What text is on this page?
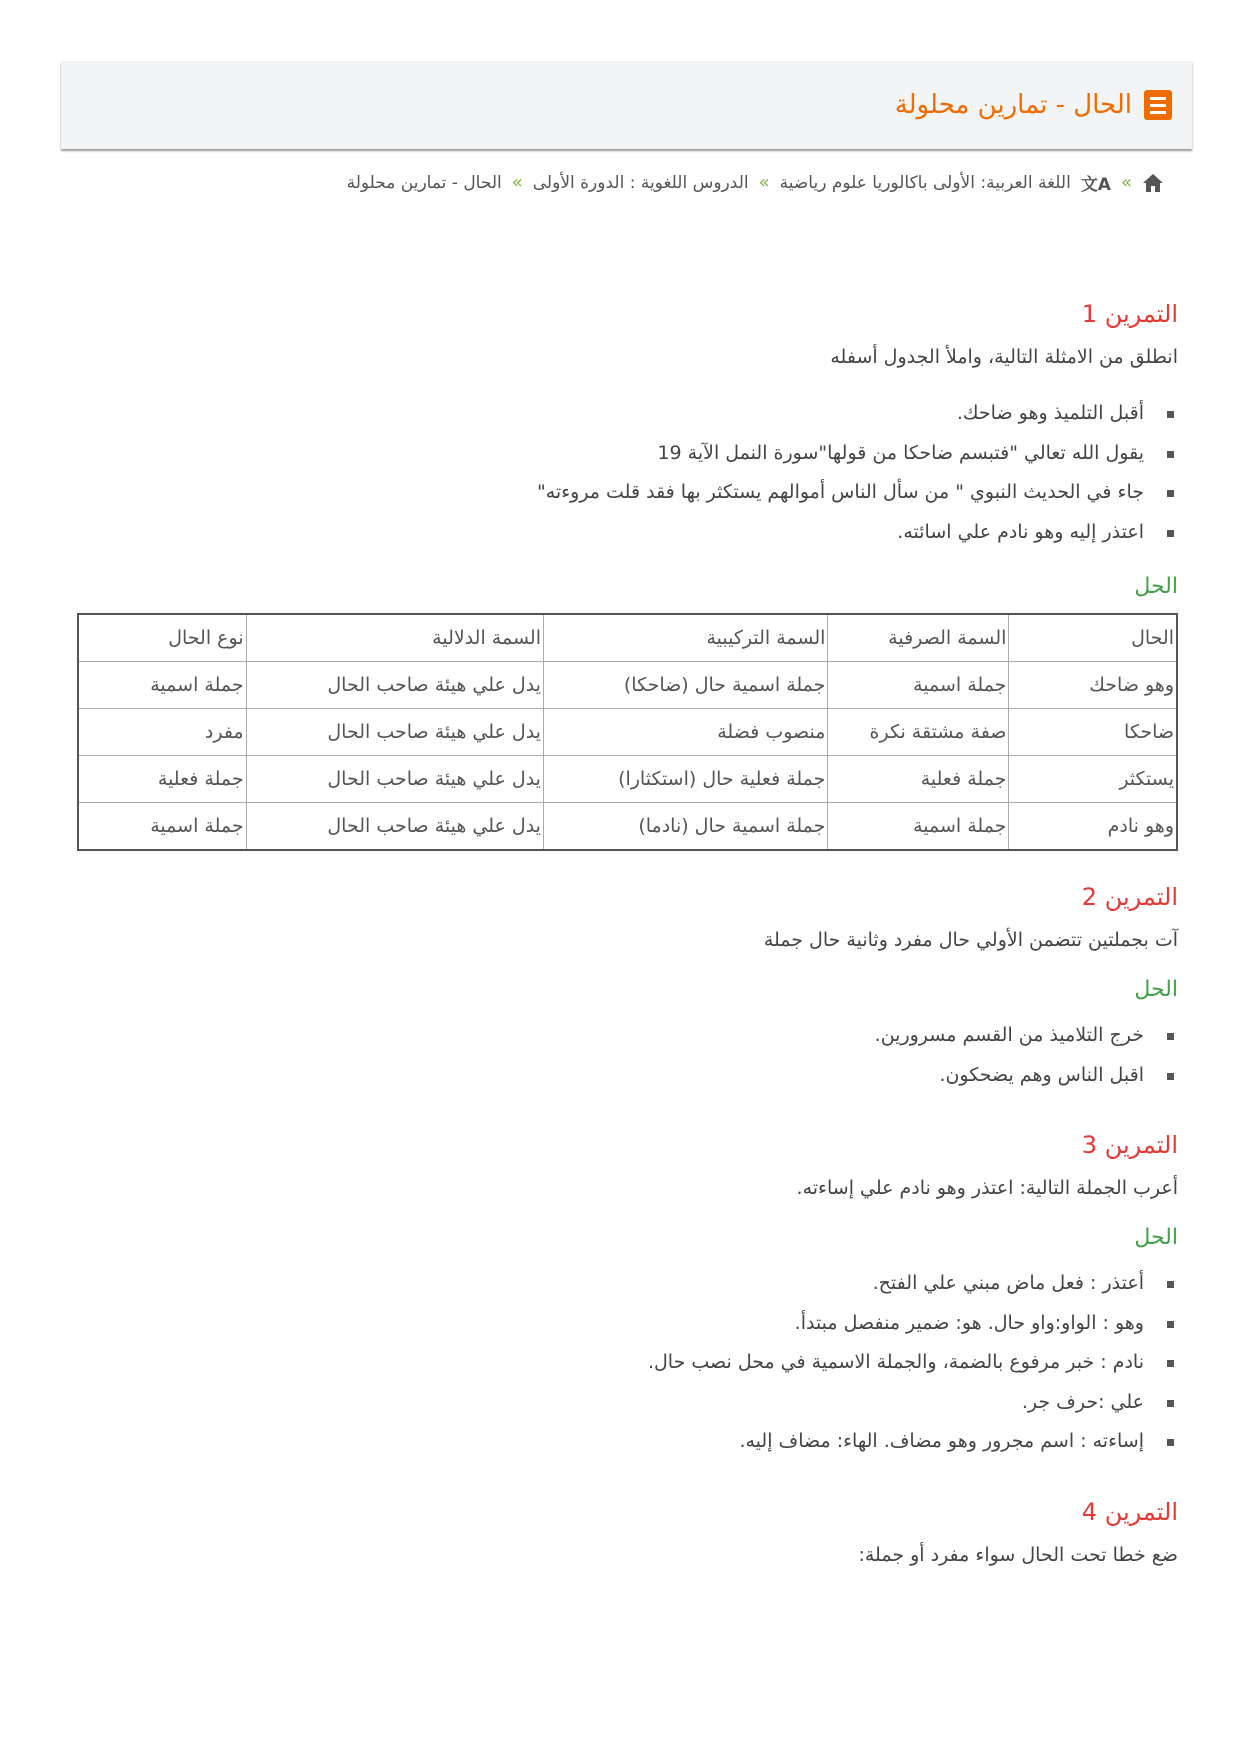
الحال - تمارين محلولة
»
文A
اللغة العربية: الأولى باكالوريا علوم رياضية
»
الدروس اللغوية : الدورة الأولى
»
الحال - تمارين محلولة
التمرين 1

انطلق من الامثلة التالية، واملأ الجدول أسفله

أقبل التلميذ وهو ضاحك.
يقول الله تعالي "فتبسم ضاحكا من قولها"سورة النمل الآية 19
جاء في الحديث النبوي " من سأل الناس أموالهم يستكثر بها فقد قلت مروءته"
اعتذر إليه وهو نادم علي اسائته.
الحل
الحال	السمة الصرفية	السمة التركيبية	السمة الدلالية	نوع الحال
وهو ضاحك	جملة اسمية	جملة اسمية حال (ضاحكا)	يدل علي هيئة صاحب الحال	جملة اسمية
ضاحكا	صفة مشتقة نكرة	منصوب فضلة	يدل علي هيئة صاحب الحال	مفرد
يستكثر	جملة فعلية	جملة فعلية حال (استكثارا)	يدل علي هيئة صاحب الحال	جملة فعلية
وهو نادم	جملة اسمية	جملة اسمية حال (نادما)	يدل علي هيئة صاحب الحال	جملة اسمية
التمرين 2

آت بجملتين تتضمن الأولي حال مفرد وثانية حال جملة

الحل
خرج التلاميذ من القسم مسرورين.
اقبل الناس وهم يضحكون.
التمرين 3

أعرب الجملة التالية: اعتذر وهو نادم علي إساءته.

الحل
أعتذر : فعل ماض مبني علي الفتح.
وهو : الواو:واو حال. هو: ضمير منفصل مبتدأ.
نادم : خبر مرفوع بالضمة، والجملة الاسمية في محل نصب حال.
علي :حرف جر.
إساءته : اسم مجرور وهو مضاف. الهاء: مضاف إليه.
التمرين 4

ضع خطا تحت الحال سواء مفرد أو جملة:
